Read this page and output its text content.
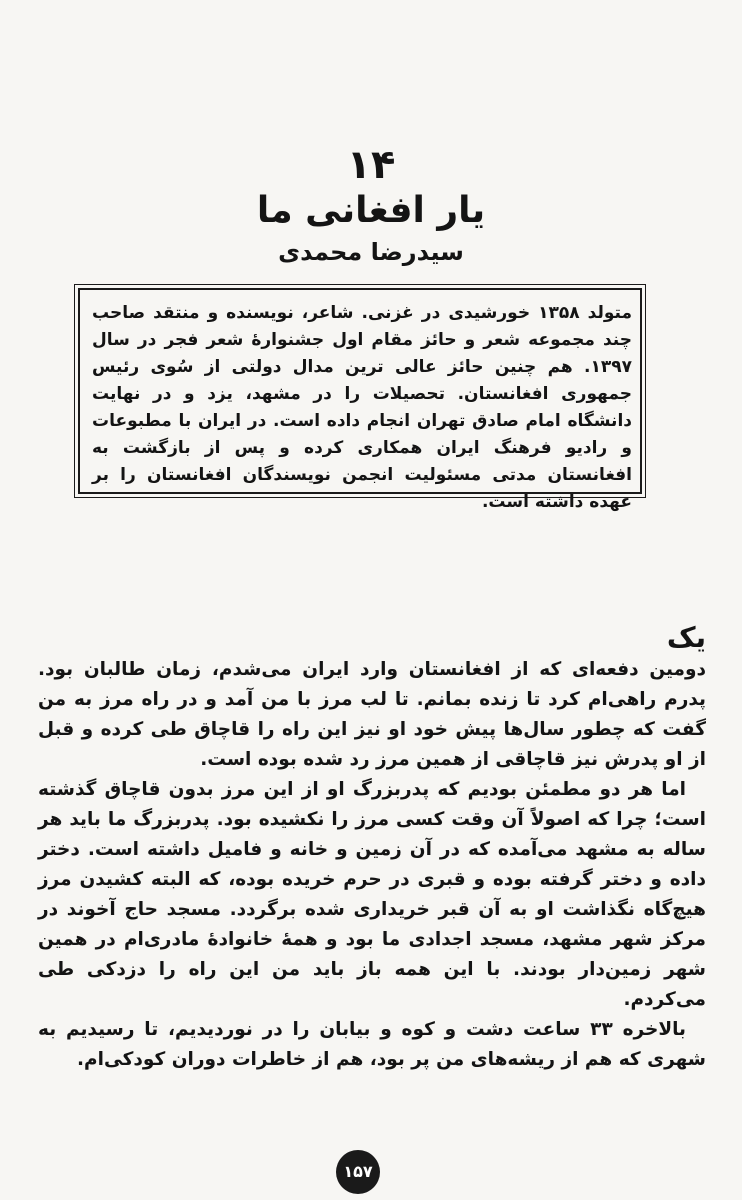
۱۴
یار افغانی ما
سیدرضا محمدی
متولد ۱۳۵۸ خورشیدی در غزنی. شاعر، نویسنده و منتقد صاحب چند مجموعه شعر و حائز مقام اول جشنوارهٔ شعر فجر در سال ۱۳۹۷. هم چنین حائز عالی ترین مدال دولتی از سُوی رئیس جمهوری افغانستان. تحصیلات را در مشهد، یزد و در نهایت دانشگاه امام صادق تهران انجام داده است. در ایران با مطبوعات و رادیو فرهنگ ایران همکاری کرده و پس از بازگشت به افغانستان مدتی مسئولیت انجمن نویسندگان افغانستان را بر عهده داشته است.
یک

دومین دفعه‌ای که از افغانستان وارد ایران می‌شدم، زمان طالبان بود. پدرم راهی‌ام کرد تا زنده بمانم. تا لب مرز با من آمد و در راه مرز به من گفت که چطور سال‌ها پیش خود او نیز این راه را قاچاق طی کرده و قبل از او پدرش نیز قاچاقی از همین مرز رد شده بوده است.

اما هر دو مطمئن بودیم که پدربزرگ او از این مرز بدون قاچاق گذشته است؛ چرا که اصولاً آن وقت کسی مرز را نکشیده بود. پدربزرگ ما باید هر ساله به مشهد می‌آمده که در آن زمین و خانه و فامیل داشته است. دختر داده و دختر گرفته بوده و قبری در حرم خریده بوده، که البته کشیدن مرز هیچ‌گاه نگذاشت او به آن قبر خریداری شده برگردد. مسجد حاج آخوند در مرکز شهر مشهد، مسجد اجدادی ما بود و همهٔ خانوادهٔ مادری‌ام در همین شهر زمین‌دار بودند. با این همه باز باید من این راه را دزدکی طی می‌کردم.

بالاخره ۳۳ ساعت دشت و کوه و بیابان را در نوردیدیم، تا رسیدیم به شهری که هم از ریشه‌های من پر بود، هم از خاطرات دوران کودکی‌ام.

۱۵۷
